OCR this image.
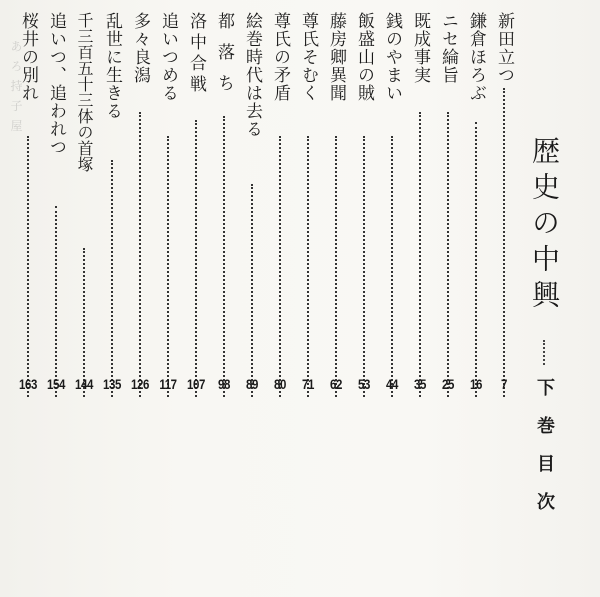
あ ろ 持 子 屋	新田立つ
鎌倉ほろぶ
ニセ綸旨
既成事実
銭のやまい
飯盛山の賊
藤房卿異聞
尊氏そむく
尊氏の矛盾
絵巻時代は去る
都落ち
洛中合戦
追いつめる
多々良潟
乱世に生きる
千三百五十三体の首塚
追いつ、追われつ
桜井の別れ
7
16
25
35
44
53
62
71
80
89
98
107
117
126
135
144
154
163
歴史の中興
下巻目次
